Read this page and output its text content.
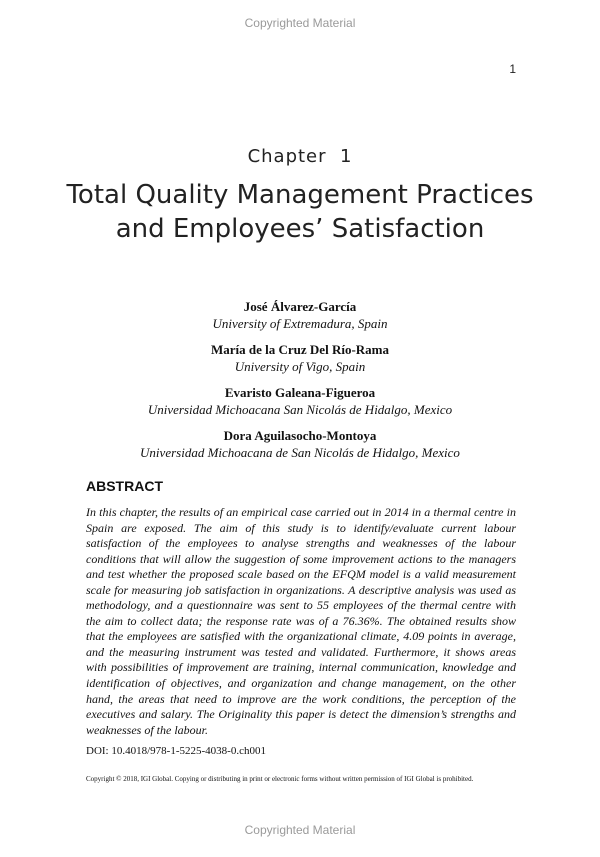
Copyrighted Material
1
Chapter  1
Total Quality Management Practices and Employees’ Satisfaction
José Álvarez-García
University of Extremadura, Spain
María de la Cruz Del Río-Rama
University of Vigo, Spain
Evaristo Galeana-Figueroa
Universidad Michoacana San Nicolás de Hidalgo, Mexico
Dora Aguilasocho-Montoya
Universidad Michoacana de San Nicolás de Hidalgo, Mexico
ABSTRACT
In this chapter, the results of an empirical case carried out in 2014 in a thermal centre in Spain are exposed. The aim of this study is to identify/evaluate current labour satisfaction of the employees to analyse strengths and weaknesses of the labour conditions that will allow the suggestion of some improvement actions to the managers and test whether the proposed scale based on the EFQM model is a valid measurement scale for measuring job satisfaction in organizations. A descriptive analysis was used as methodology, and a questionnaire was sent to 55 employees of the thermal centre with the aim to collect data; the response rate was of a 76.36%. The obtained results show that the employees are satisfied with the organizational climate, 4.09 points in average, and the measuring instrument was tested and validated. Furthermore, it shows areas with possibilities of improvement are training, internal communication, knowledge and identification of objectives, and organization and change management, on the other hand, the areas that need to improve are the work conditions, the perception of the executives and salary. The Originality this paper is detect the dimension’s strengths and weaknesses of the labour.
DOI: 10.4018/978-1-5225-4038-0.ch001
Copyright © 2018, IGI Global. Copying or distributing in print or electronic forms without written permission of IGI Global is prohibited.
Copyrighted Material
